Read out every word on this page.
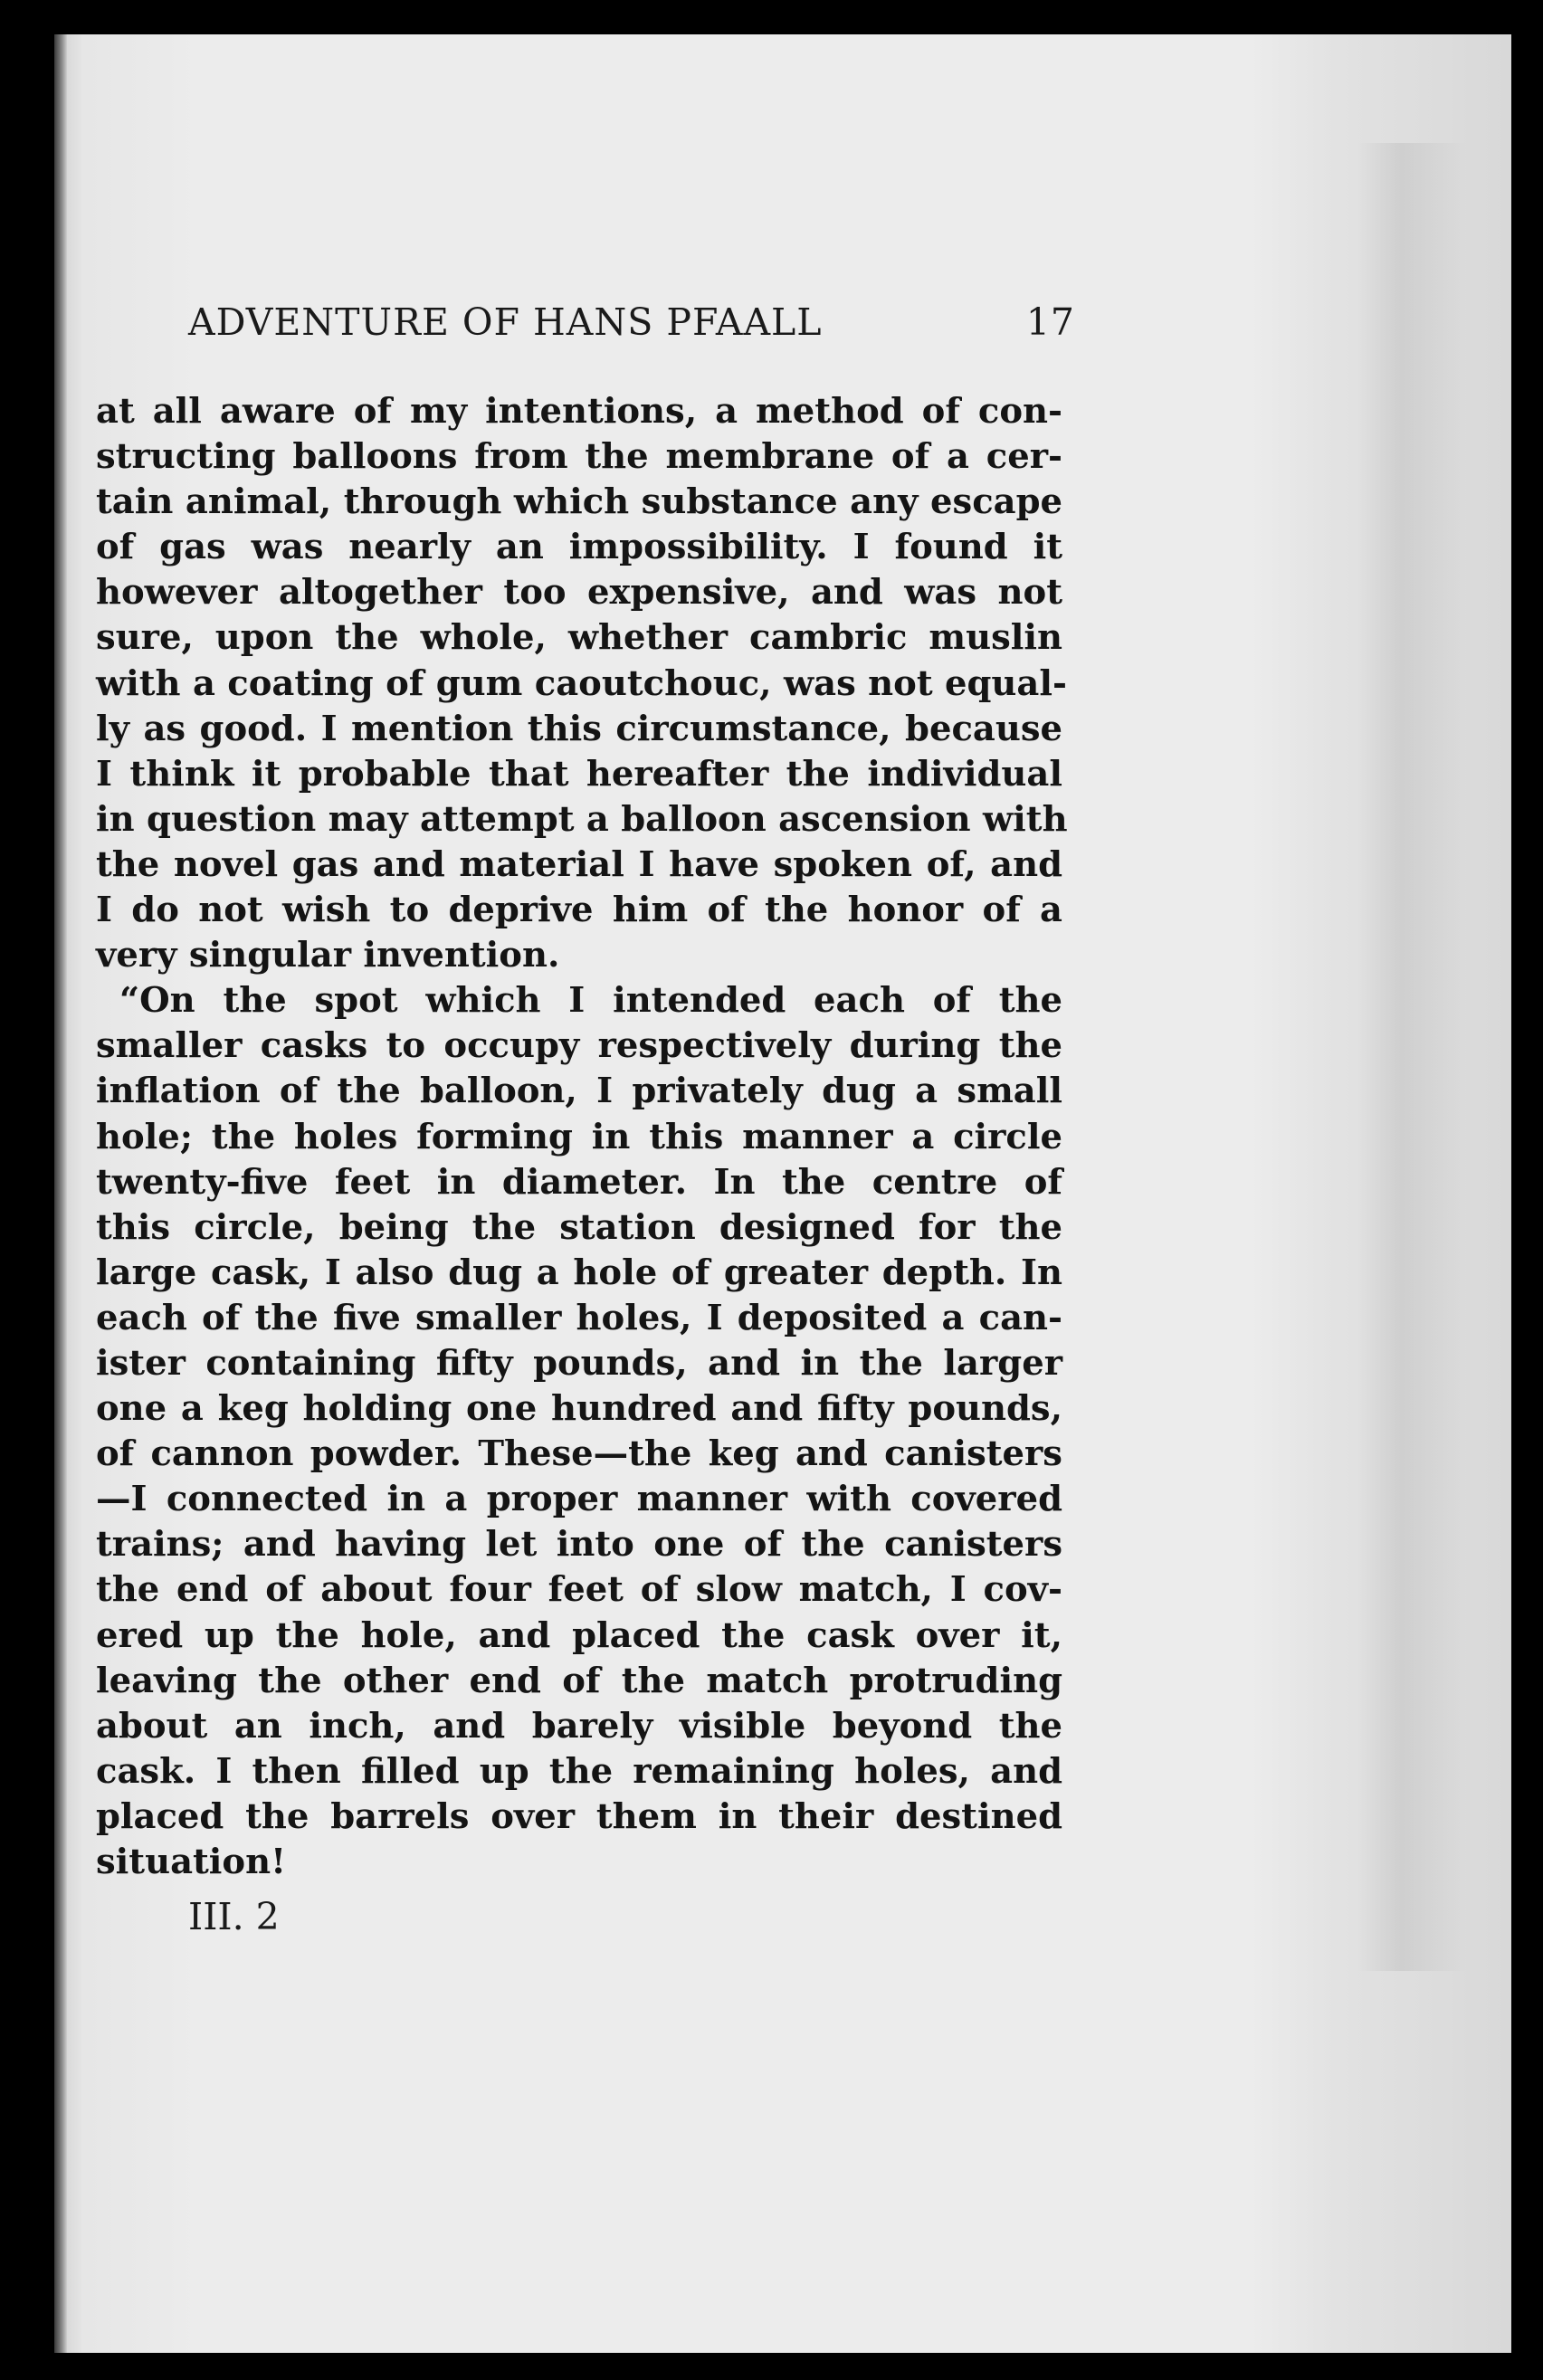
ADVENTURE OF HANS PFAALL	17
at all aware of my intentions, a method of con-
structing balloons from the membrane of a cer-
tain animal, through which substance any escape
of gas was nearly an impossibility. I found it
however altogether too expensive, and was not
sure, upon the whole, whether cambric muslin
with a coating of gum caoutchouc, was not equal-
ly as good. I mention this circumstance, because
I think it probable that hereafter the individual
in question may attempt a balloon ascension with
the novel gas and material I have spoken of, and
I do not wish to deprive him of the honor of a
very singular invention.
“On the spot which I intended each of the
smaller casks to occupy respectively during the
inflation of the balloon, I privately dug a small
hole; the holes forming in this manner a circle
twenty-five feet in diameter. In the centre of
this circle, being the station designed for the
large cask, I also dug a hole of greater depth. In
each of the five smaller holes, I deposited a can-
ister containing fifty pounds, and in the larger
one a keg holding one hundred and fifty pounds,
of cannon powder. These—the keg and canisters
—I connected in a proper manner with covered
trains; and having let into one of the canisters
the end of about four feet of slow match, I cov-
ered up the hole, and placed the cask over it,
leaving the other end of the match protruding
about an inch, and barely visible beyond the
cask. I then filled up the remaining holes, and
placed the barrels over them in their destined
situation!
III. 2
